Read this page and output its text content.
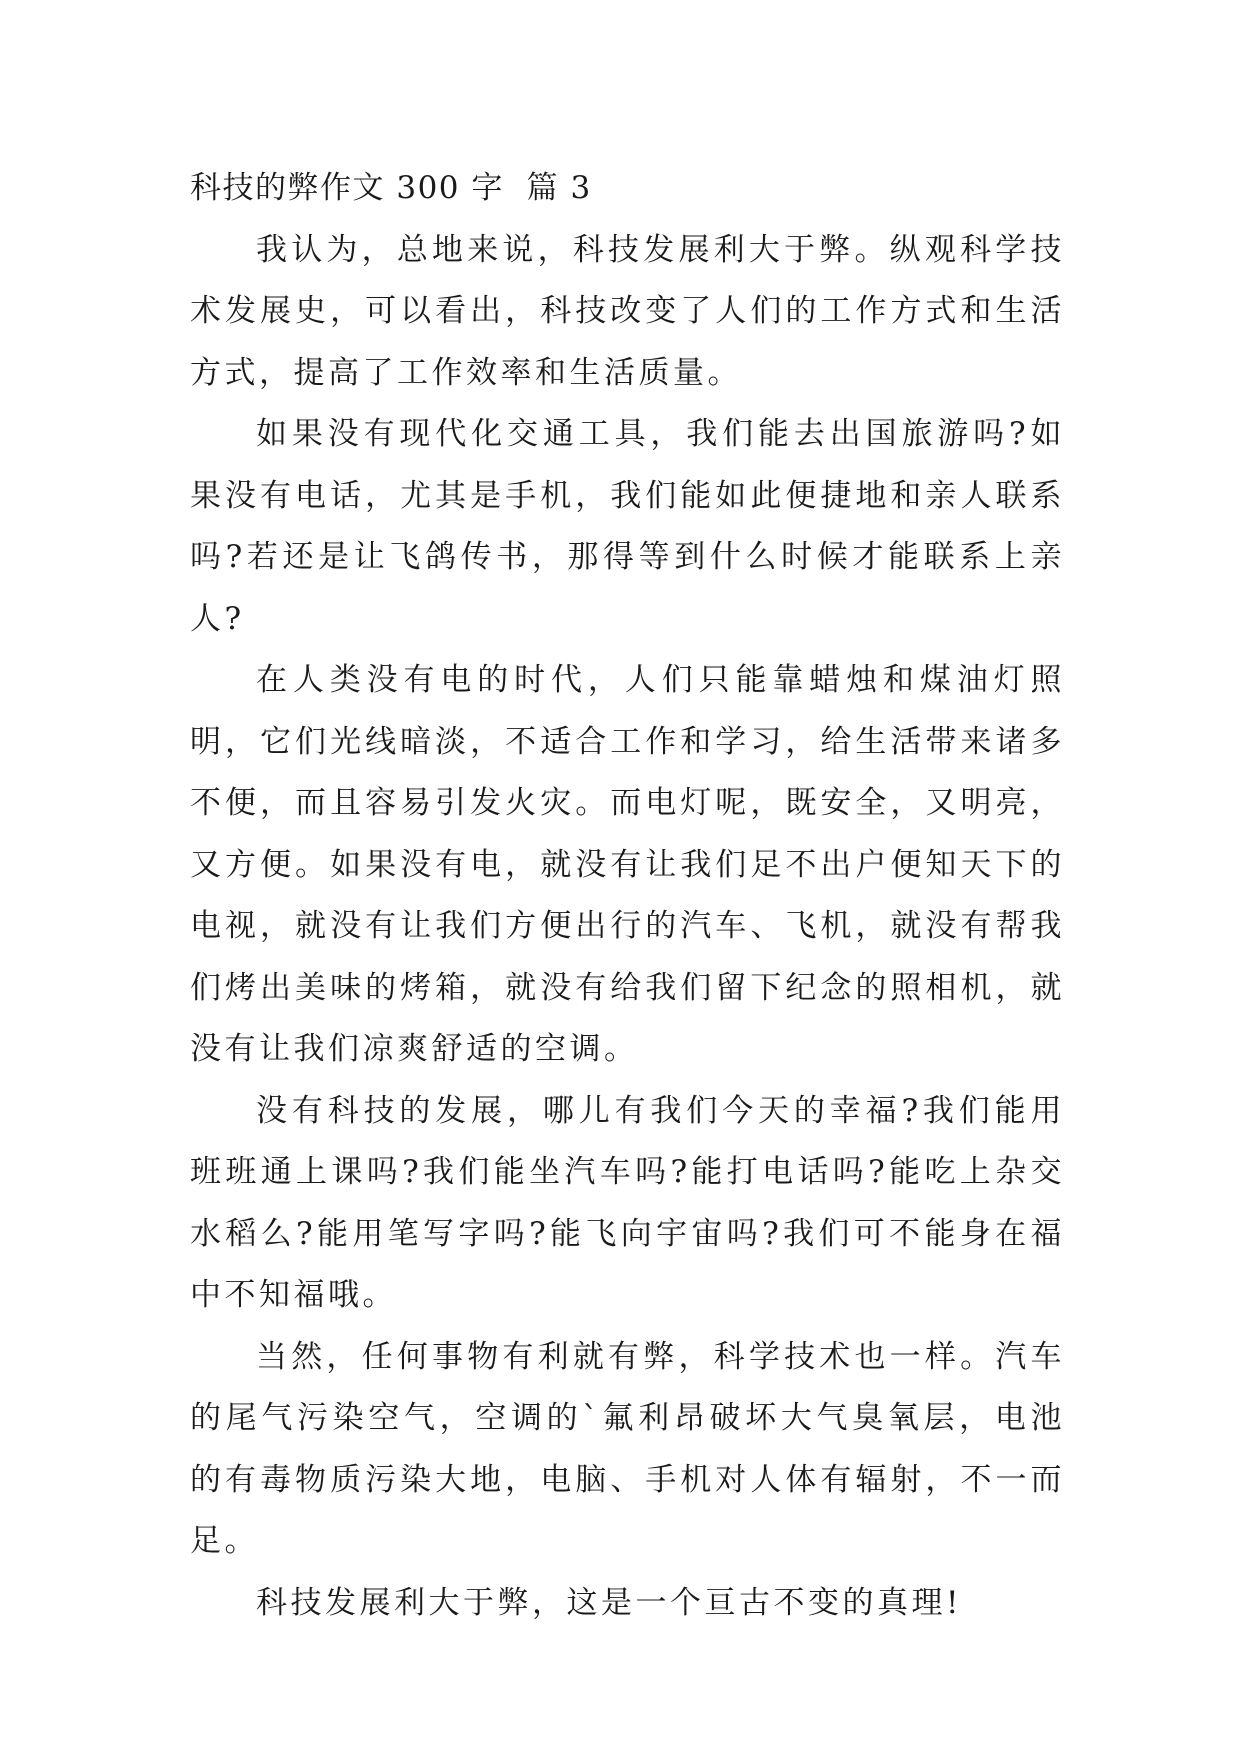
科技的弊作文 300 字  篇 3

我认为，总地来说，科技发展利大于弊。纵观科学技术发展史，可以看出，科技改变了人们的工作方式和生活方式，提高了工作效率和生活质量。

如果没有现代化交通工具，我们能去出国旅游吗?如果没有电话，尤其是手机，我们能如此便捷地和亲人联系吗?若还是让飞鸽传书，那得等到什么时候才能联系上亲人?

在人类没有电的时代，人们只能靠蜡烛和煤油灯照明，它们光线暗淡，不适合工作和学习，给生活带来诸多不便，而且容易引发火灾。而电灯呢，既安全，又明亮，又方便。如果没有电，就没有让我们足不出户便知天下的电视，就没有让我们方便出行的汽车、飞机，就没有帮我们烤出美味的烤箱，就没有给我们留下纪念的照相机，就没有让我们凉爽舒适的空调。

没有科技的发展，哪儿有我们今天的幸福?我们能用班班通上课吗?我们能坐汽车吗?能打电话吗?能吃上杂交水稻么?能用笔写字吗?能飞向宇宙吗?我们可不能身在福中不知福哦。

当然，任何事物有利就有弊，科学技术也一样。汽车的尾气污染空气，空调的`氟利昂破坏大气臭氧层，电池的有毒物质污染大地，电脑、手机对人体有辐射，不一而足。

科技发展利大于弊，这是一个亘古不变的真理!
